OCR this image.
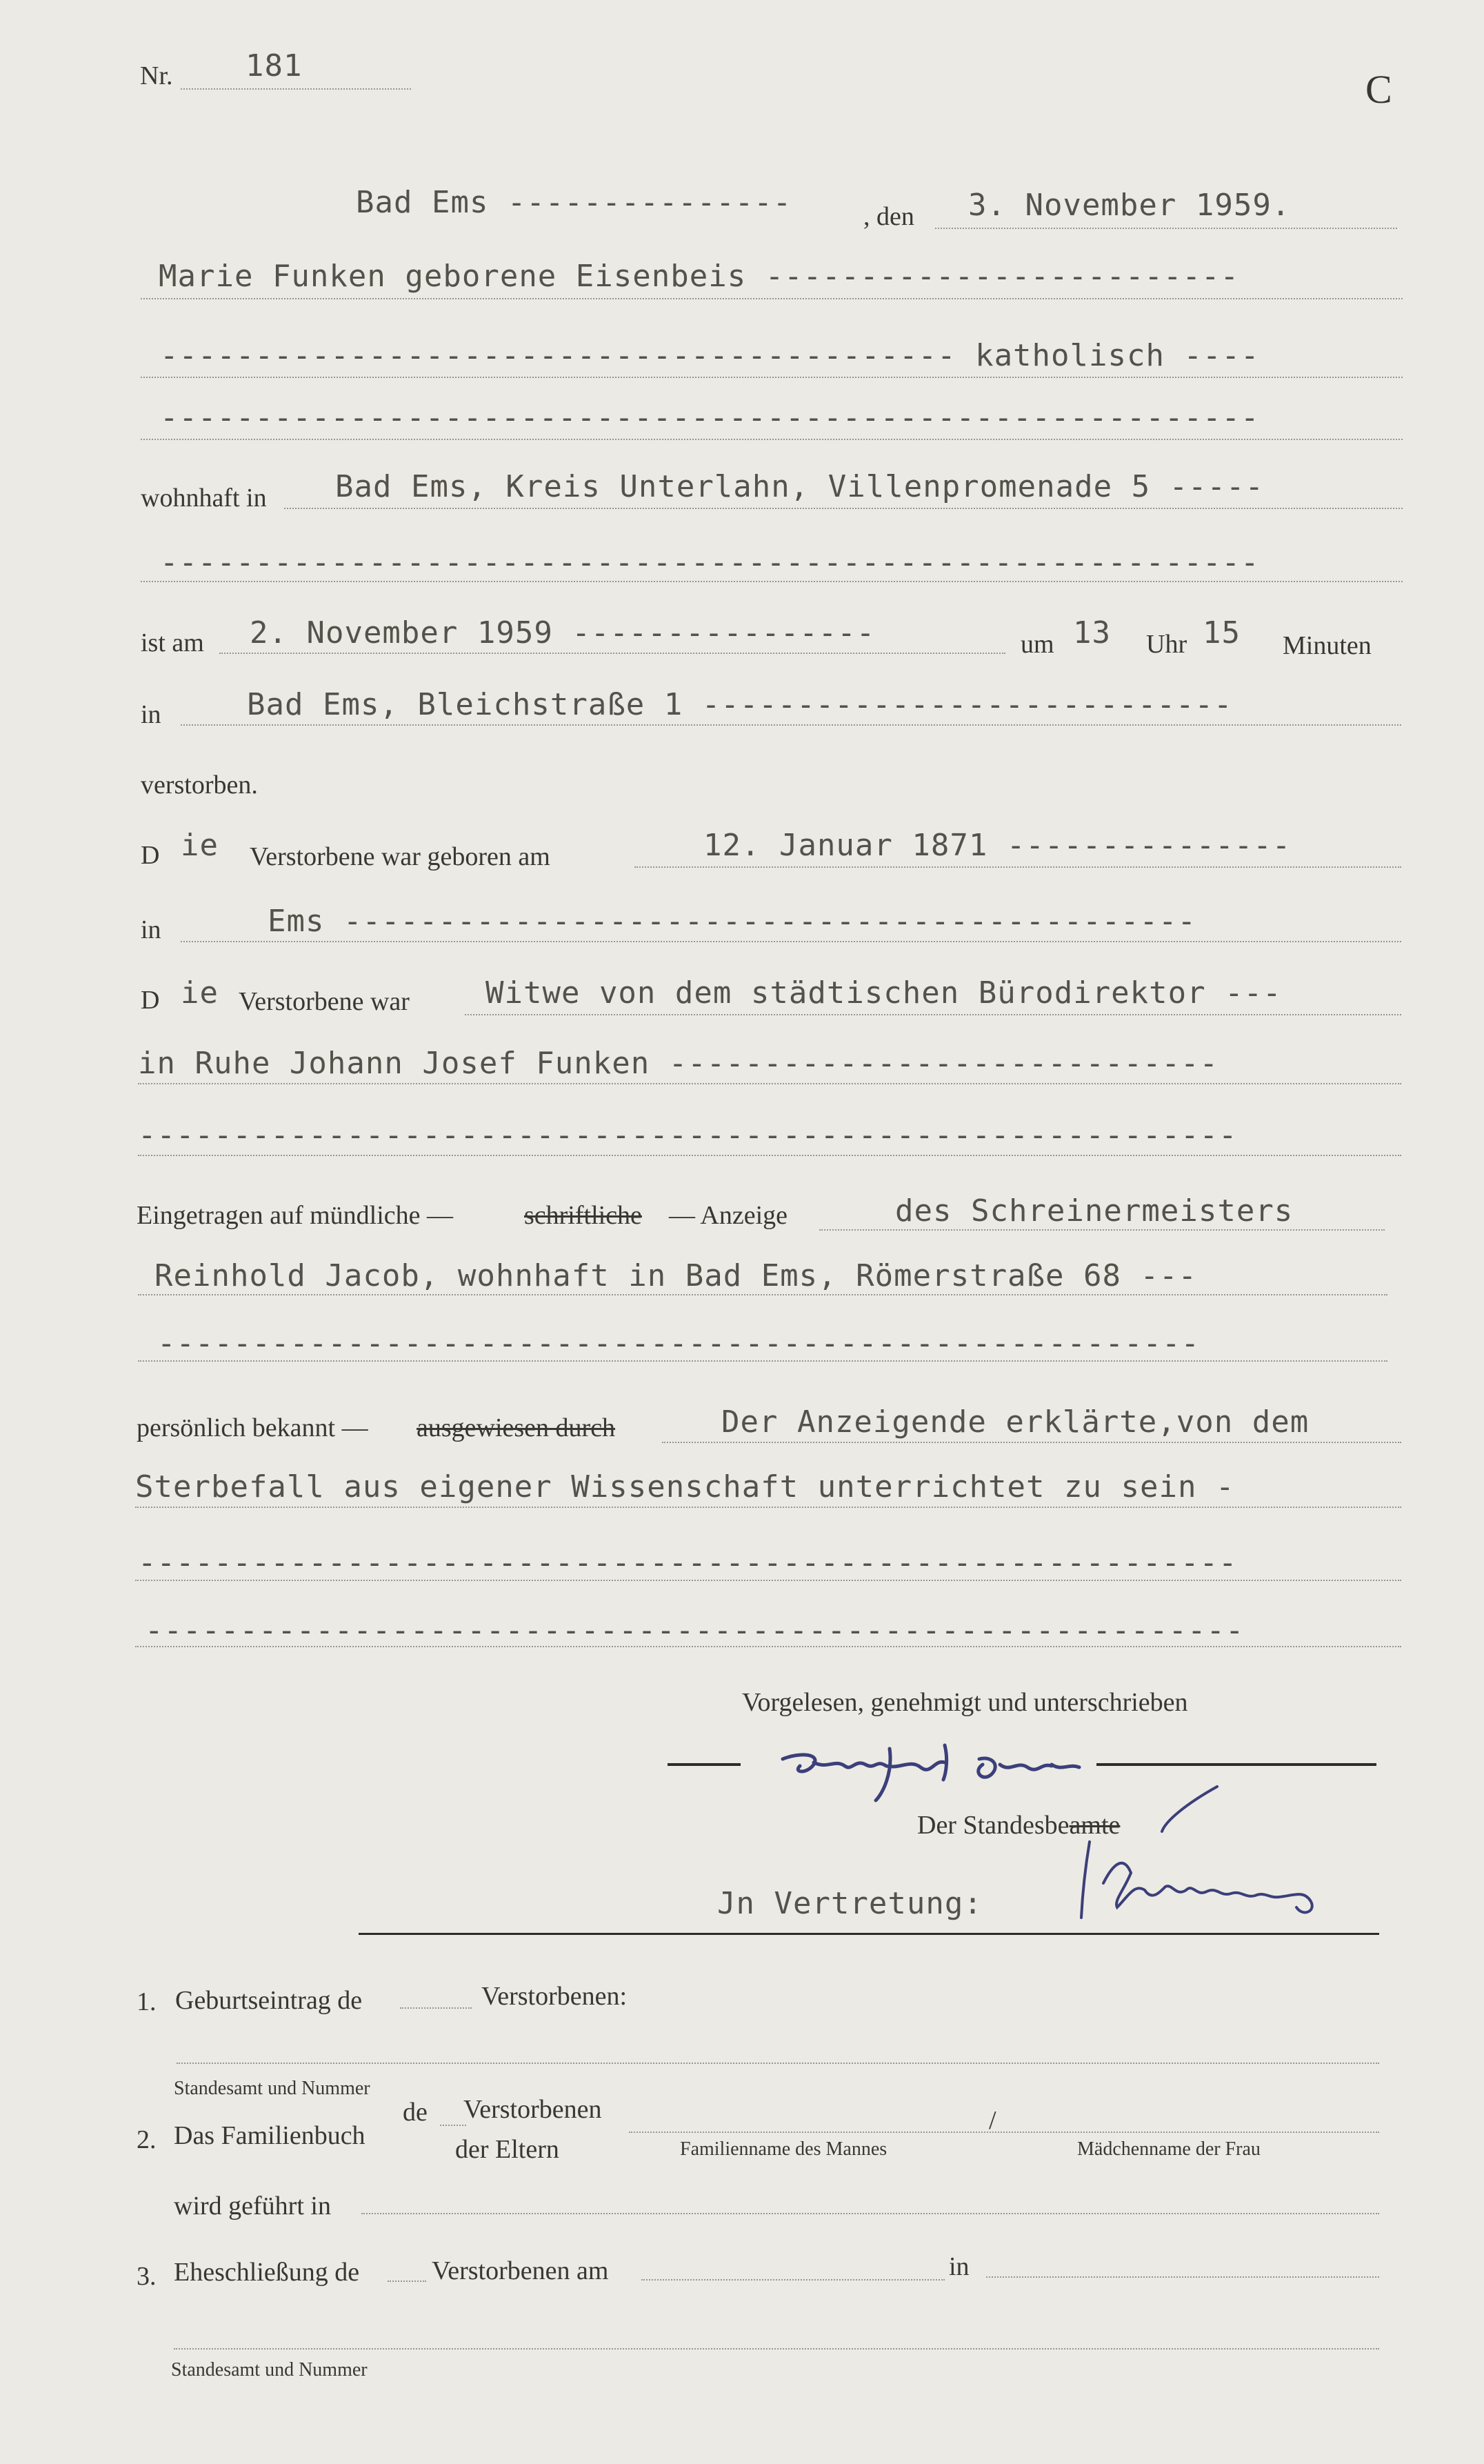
Nr. 181
C
Bad Ems ---------------	, den 3. November 1959.
Marie Funken geborene Eisenbeis -------------------------
------------------------------------------ katholisch ----
----------------------------------------------------------
wohnhaft in Bad Ems, Kreis Unterlahn, Villenpromenade 5 -----
----------------------------------------------------------
ist am 2. November 1959 ----------------	um 13 Uhr 15 Minuten
in	Bad Ems, Bleichstraße 1 ----------------------------
verstorben.
D ie Verstorbene war geboren am	12. Januar 1871 ---------------
in	Ems ---------------------------------------------
D ie Verstorbene war	Witwe von dem städtischen Bürodirektor ---
in Ruhe Johann Josef Funken -----------------------------
----------------------------------------------------------
Eingetragen auf mündliche —	schriftliche — Anzeige	des Schreinermeisters
Reinhold Jacob, wohnhaft in Bad Ems, Römerstraße 68 ---
-------------------------------------------------------
persönlich bekannt — ausgewiesen durch	Der Anzeigende erklärte,von dem
Sterbefall aus eigener Wissenschaft unterrichtet zu sein -
----------------------------------------------------------
----------------------------------------------------------
Vorgelesen, genehmigt und unterschrieben
Der Standesbeamte
Jn Vertretung:
1. Geburtseintrag de	Verstorbenen:
Standesamt und Nummer
2. Das Familienbuch
de Verstorbenen
der Eltern	Familienname des Mannes
/
Mädchenname der Frau
wird geführt in
3. Eheschließung de	Verstorbenen am	in
Standesamt und Nummer
